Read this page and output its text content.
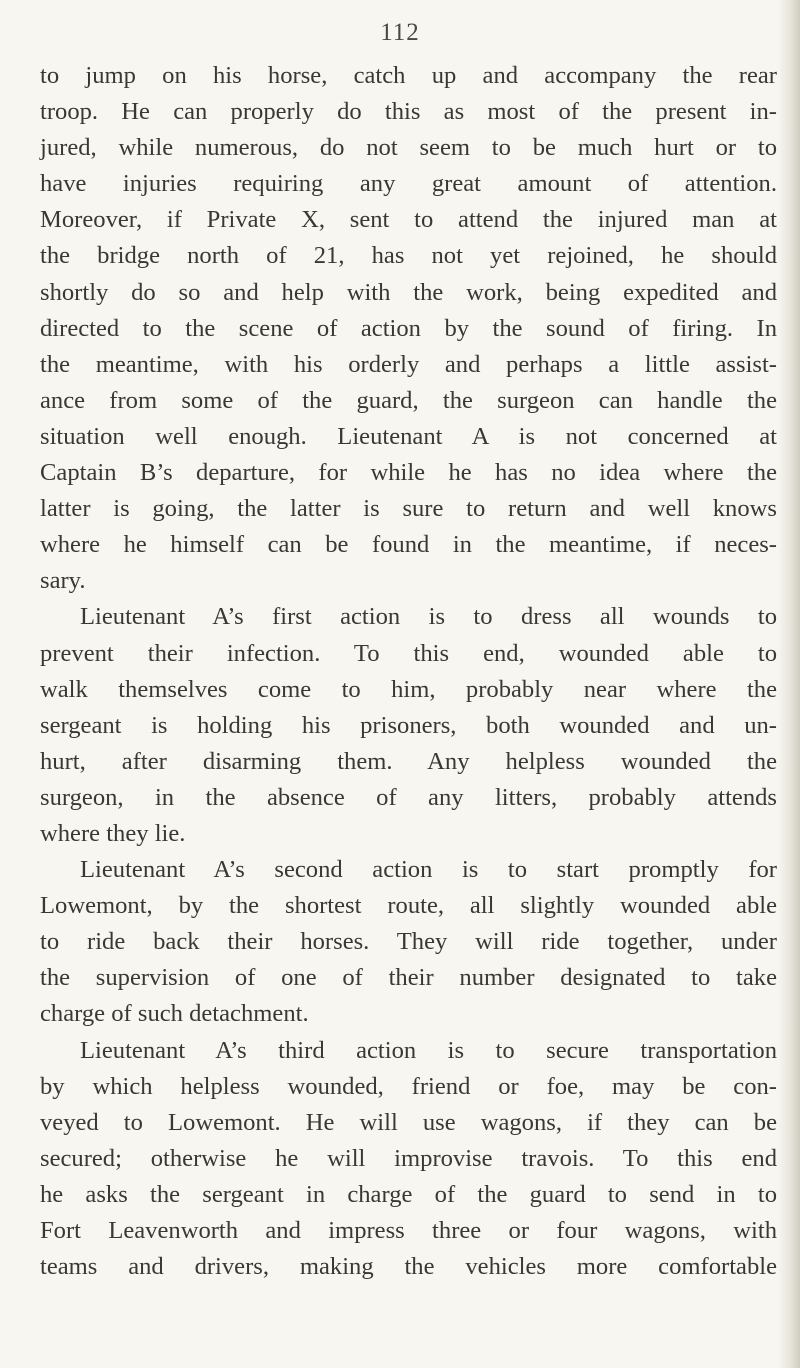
112
to jump on his horse, catch up and accompany the rear
troop. He can properly do this as most of the present in-
jured, while numerous, do not seem to be much hurt or to
have injuries requiring any great amount of attention.
Moreover, if Private X, sent to attend the injured man at
the bridge north of 21, has not yet rejoined, he should
shortly do so and help with the work, being expedited and
directed to the scene of action by the sound of firing. In
the meantime, with his orderly and perhaps a little assist-
ance from some of the guard, the surgeon can handle the
situation well enough. Lieutenant A is not concerned at
Captain B’s departure, for while he has no idea where the
latter is going, the latter is sure to return and well knows
where he himself can be found in the meantime, if neces-
sary.
Lieutenant A’s first action is to dress all wounds to
prevent their infection. To this end, wounded able to
walk themselves come to him, probably near where the
sergeant is holding his prisoners, both wounded and un-
hurt, after disarming them. Any helpless wounded the
surgeon, in the absence of any litters, probably attends
where they lie.
Lieutenant A’s second action is to start promptly for
Lowemont, by the shortest route, all slightly wounded able
to ride back their horses. They will ride together, under
the supervision of one of their number designated to take
charge of such detachment.
Lieutenant A’s third action is to secure transportation
by which helpless wounded, friend or foe, may be con-
veyed to Lowemont. He will use wagons, if they can be
secured; otherwise he will improvise travois. To this end
he asks the sergeant in charge of the guard to send in to
Fort Leavenworth and impress three or four wagons, with
teams and drivers, making the vehicles more comfortable
